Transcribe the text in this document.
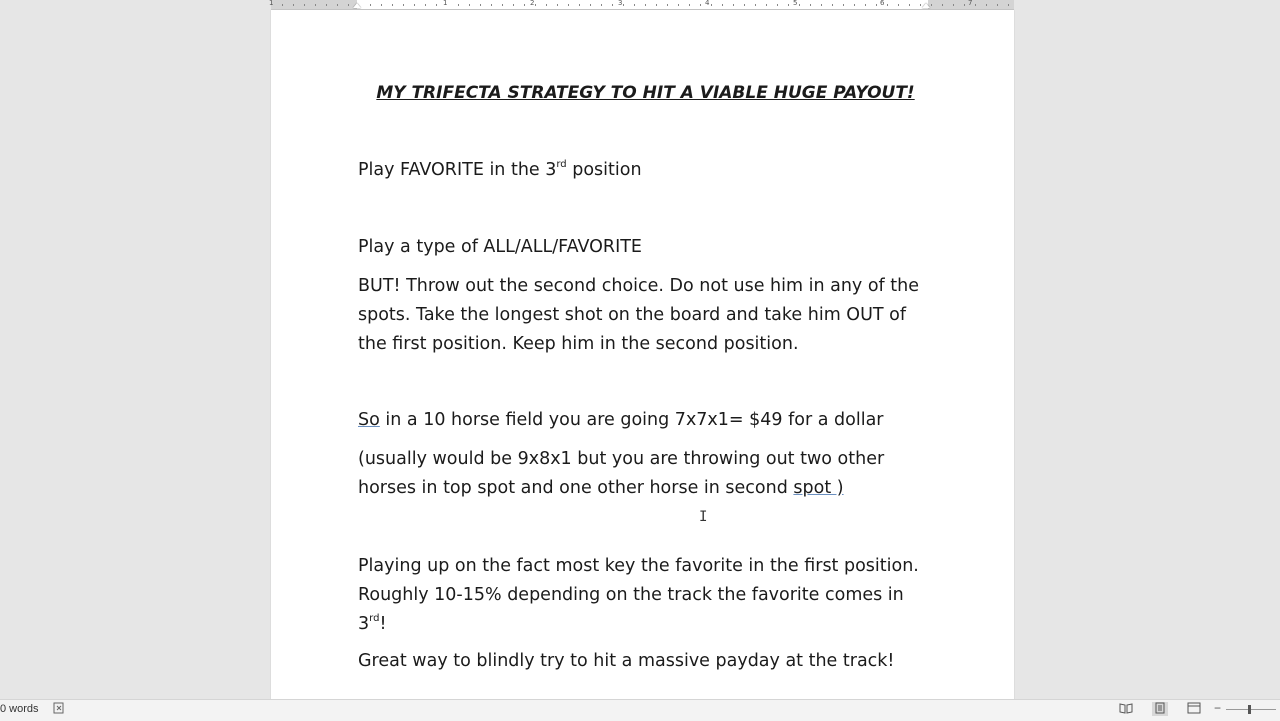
1	1	2	3	4	5	6	7

MY TRIFECTA STRATEGY TO HIT A VIABLE HUGE PAYOUT!

Play FAVORITE in the 3rd position

Play a type of ALL/ALL/FAVORITE

BUT! Throw out the second choice. Do not use him in any of the spots. Take the longest shot on the board and take him OUT of the first position. Keep him in the second position.

So in a 10 horse field you are going 7x7x1= $49 for a dollar

(usually would be 9x8x1 but you are throwing out two other horses in top spot and one other horse in second spot )

Playing up on the fact most key the favorite in the first position. Roughly 10-15% depending on the track the favorite comes in 3rd!

Great way to blindly try to hit a massive payday at the track!

I
0 words	−
